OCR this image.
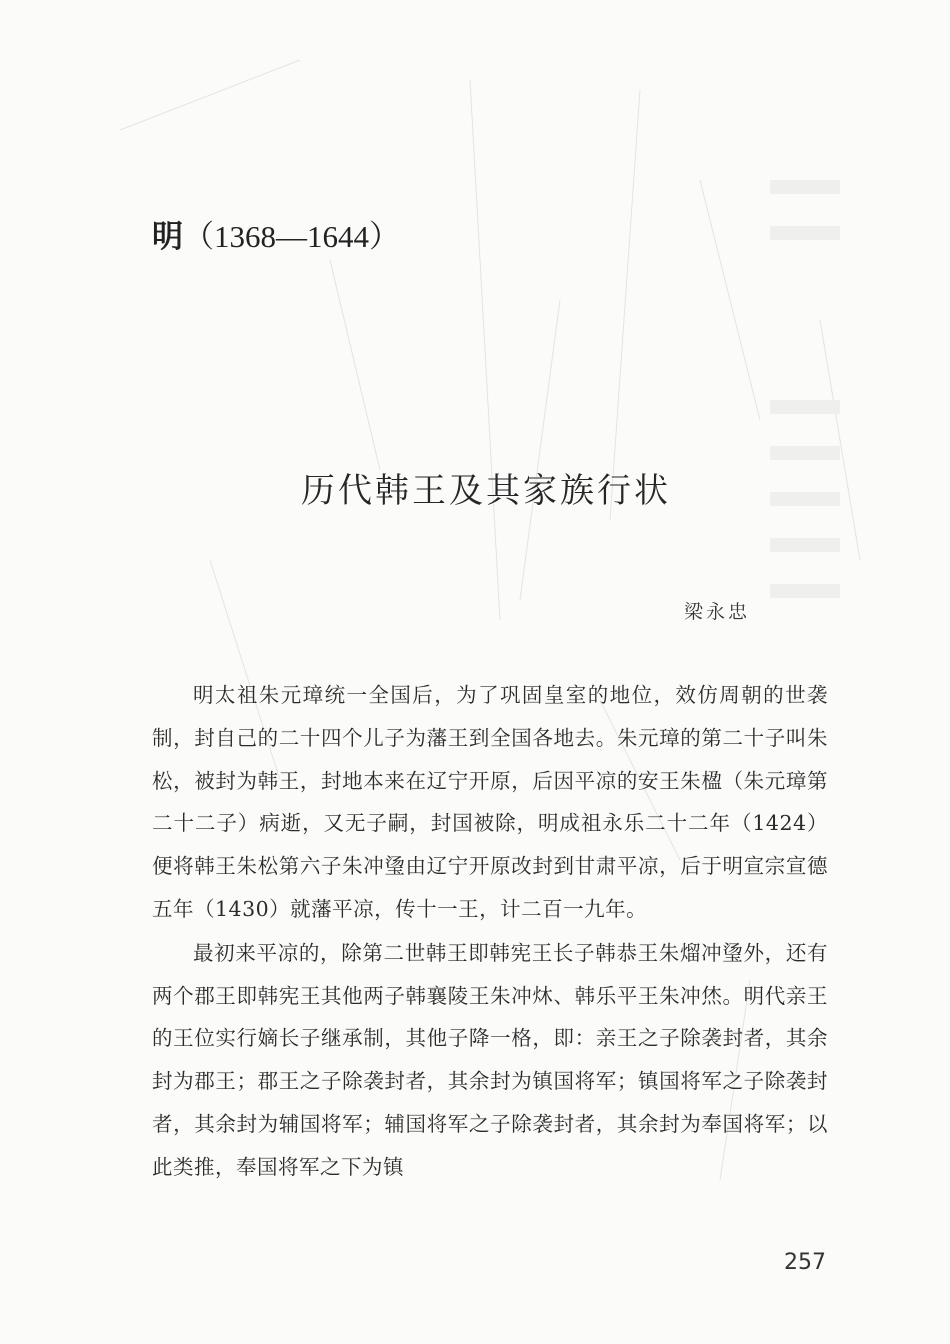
明（1368—1644）
历代韩王及其家族行状
梁永忠

明太祖朱元璋统一全国后，为了巩固皇室的地位，效仿周朝的世袭制，封自己的二十四个儿子为藩王到全国各地去。朱元璋的第二十子叫朱松，被封为韩王，封地本来在辽宁开原，后因平凉的安王朱楹（朱元璋第二十二子）病逝，又无子嗣，封国被除，明成祖永乐二十二年（1424）便将韩王朱松第六子朱冲𬍡由辽宁开原改封到甘肃平凉，后于明宣宗宣德五年（1430）就藩平凉，传十一王，计二百一九年。

最初来平凉的，除第二世韩王即韩宪王长子韩恭王朱熘冲𬍡外，还有两个郡王即韩宪王其他两子韩襄陵王朱冲炑、韩乐平王朱冲烋。明代亲王的王位实行嫡长子继承制，其他子降一格，即：亲王之子除袭封者，其余封为郡王；郡王之子除袭封者，其余封为镇国将军；镇国将军之子除袭封者，其余封为辅国将军；辅国将军之子除袭封者，其余封为奉国将军；以此类推，奉国将军之下为镇

257
